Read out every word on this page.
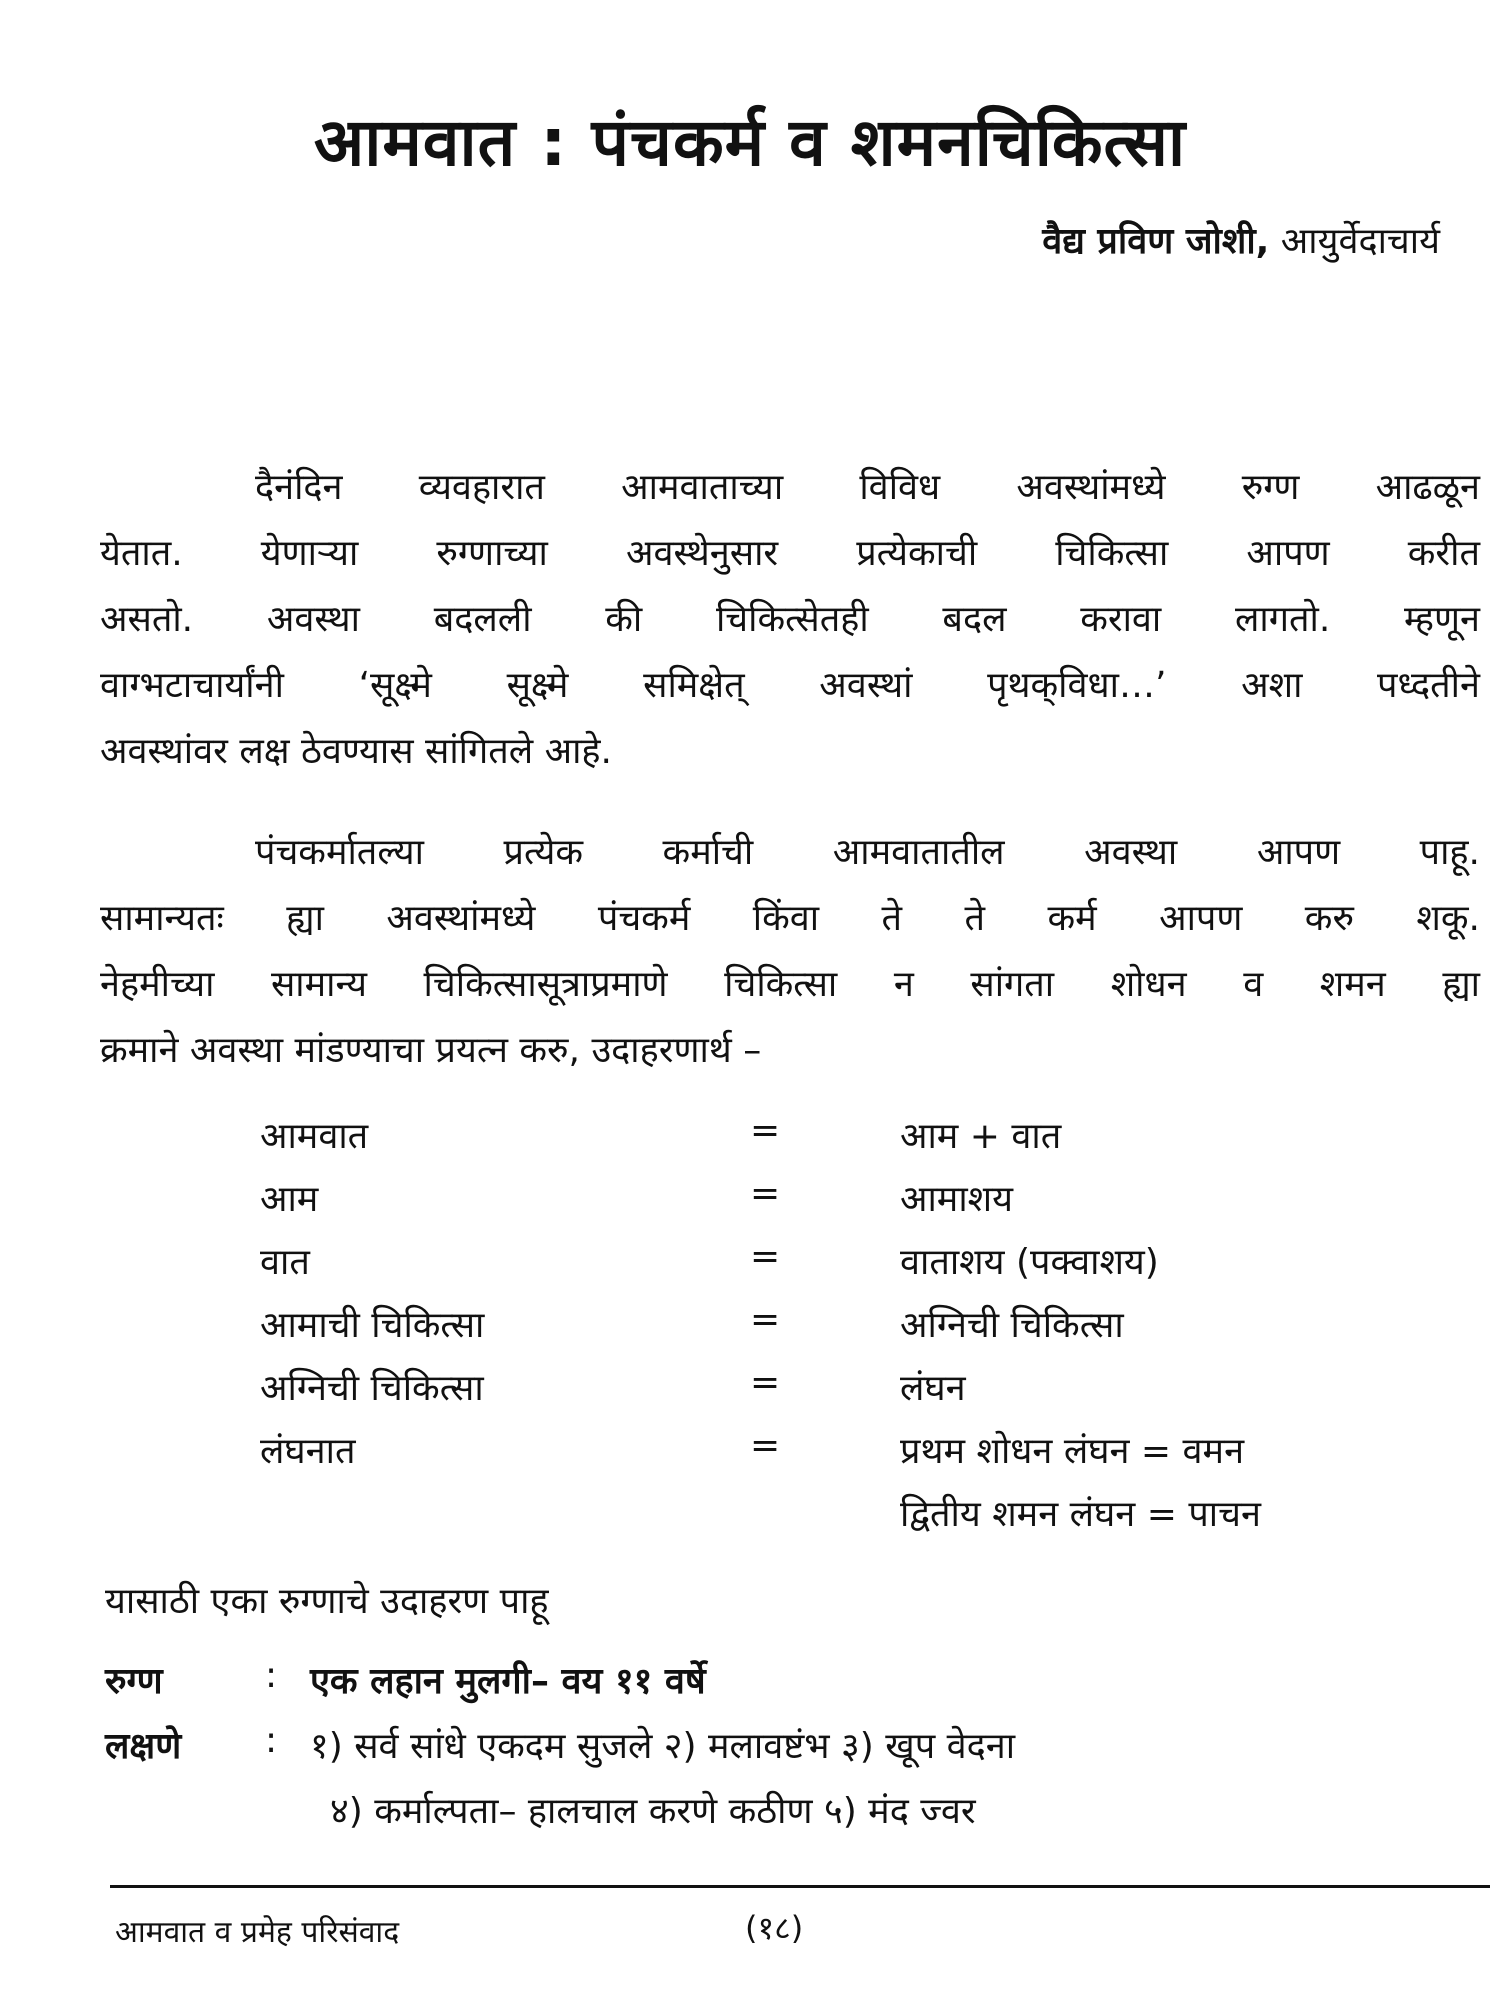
आमवात : पंचकर्म व शमनचिकित्सा
वैद्य प्रविण जोशी, आयुर्वेदाचार्य

दैनंदिन व्यवहारात आमवाताच्या विविध अवस्थांमध्ये रुग्ण आढळून
येतात. येणाऱ्या रुग्णाच्या अवस्थेनुसार प्रत्येकाची चिकित्सा आपण करीत
असतो. अवस्था बदलली की चिकित्सेतही बदल करावा लागतो. म्हणून
वाग्भटाचार्यांनी ‘सूक्ष्मे सूक्ष्मे समिक्षेत् अवस्थां पृथक्‌विधा…’ अशा पध्दतीने
अवस्थांवर लक्ष ठेवण्यास सांगितले आहे.

पंचकर्मातल्या प्रत्येक कर्माची आमवातातील अवस्था आपण पाहू.
सामान्यतः ह्या अवस्थांमध्ये पंचकर्म किंवा ते ते कर्म आपण करु शकू.
नेहमीच्या सामान्य चिकित्सासूत्राप्रमाणे चिकित्सा न सांगता शोधन व शमन ह्या
क्रमाने अवस्था मांडण्याचा प्रयत्न करु, उदाहरणार्थ –

आमवात	=	आम + वात
आम	=	आमाशय
वात	=	वाताशय (पक्वाशय)
आमाची चिकित्सा	=	अग्निची चिकित्सा
अग्निची चिकित्सा	=	लंघन
लंघनात	=	प्रथम शोधन लंघन = वमन
द्वितीय शमन लंघन = पाचन
यासाठी एका रुग्णाचे उदाहरण पाहू
रुग्ण	: एक लहान मुलगी– वय ११ वर्षे
लक्षणे : १) सर्व सांधे एकदम सुजले २) मलावष्टंभ ३) खूप वेदना
४) कर्माल्पता– हालचाल करणे कठीण ५) मंद ज्वर
आमवात व प्रमेह परिसंवाद	(१८)
